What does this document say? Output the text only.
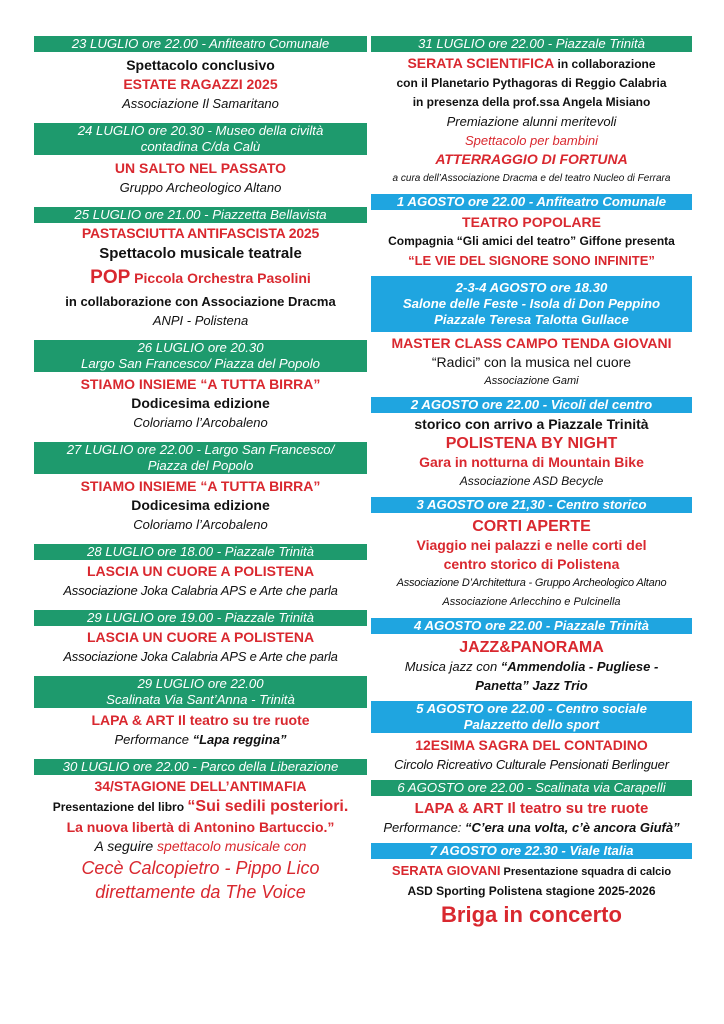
23 LUGLIO ore 22.00 - Anfiteatro Comunale
Spettacolo conclusivo
ESTATE RAGAZZI 2025
Associazione Il Samaritano
24 LUGLIO ore 20.30 - Museo della civiltà
contadina C/da Calù
UN SALTO NEL PASSATO
Gruppo Archeologico Altano
25 LUGLIO ore 21.00 - Piazzetta Bellavista
PASTASCIUTTA ANTIFASCISTA 2025
Spettacolo musicale teatrale
POP Piccola Orchestra Pasolini
in collaborazione con Associazione Dracma
ANPI - Polistena
26 LUGLIO ore 20.30
Largo San Francesco/ Piazza del Popolo
STIAMO INSIEME “A TUTTA BIRRA”
Dodicesima edizione
Coloriamo l’Arcobaleno
27 LUGLIO ore 22.00 - Largo San Francesco/
Piazza del Popolo
STIAMO INSIEME “A TUTTA BIRRA”
Dodicesima edizione
Coloriamo l’Arcobaleno
28 LUGLIO ore 18.00 - Piazzale Trinità
LASCIA UN CUORE A POLISTENA
Associazione Joka Calabria APS e Arte che parla
29 LUGLIO ore 19.00 - Piazzale Trinità
LASCIA UN CUORE A POLISTENA
Associazione Joka Calabria APS e Arte che parla
29 LUGLIO ore 22.00
Scalinata Via Sant’Anna - Trinità
LAPA & ART Il teatro su tre ruote
Performance “Lapa reggina”
30 LUGLIO ore 22.00 - Parco della Liberazione
34/STAGIONE DELL’ANTIMAFIA
Presentazione del libro “Sui sedili posteriori.
La nuova libertà di Antonino Bartuccio.”
A seguire spettacolo musicale con
Cecè Calcopietro - Pippo Lico
direttamente da The Voice
31 LUGLIO ore 22.00 - Piazzale Trinità
SERATA SCIENTIFICA in collaborazione
con il Planetario Pythagoras di Reggio Calabria
in presenza della prof.ssa Angela Misiano
Premiazione alunni meritevoli
Spettacolo per bambini
ATTERRAGGIO DI FORTUNA
a cura dell’Associazione Dracma e del teatro Nucleo di Ferrara
1 AGOSTO ore 22.00 - Anfiteatro Comunale
TEATRO POPOLARE
Compagnia “Gli amici del teatro” Giffone presenta
“LE VIE DEL SIGNORE SONO INFINITE”
2-3-4 AGOSTO ore 18.30
Salone delle Feste - Isola di Don Peppino
Piazzale Teresa Talotta Gullace
MASTER CLASS CAMPO TENDA GIOVANI
“Radici” con la musica nel cuore
Associazione Gami
2 AGOSTO ore 22.00 - Vicoli del centro
storico con arrivo a Piazzale Trinità
POLISTENA BY NIGHT
Gara in notturna di Mountain Bike
Associazione ASD Becycle
3 AGOSTO ore 21,30 - Centro storico
CORTI APERTE
Viaggio nei palazzi e nelle corti del
centro storico di Polistena
Associazione D’Architettura - Gruppo Archeologico Altano
Associazione Arlecchino e Pulcinella
4 AGOSTO ore 22.00 - Piazzale Trinità
JAZZ&PANORAMA
Musica jazz con “Ammendolia - Pugliese -
Panetta” Jazz Trio
5 AGOSTO ore 22.00 - Centro sociale
Palazzetto dello sport
12ESIMA SAGRA DEL CONTADINO
Circolo Ricreativo Culturale Pensionati Berlinguer
6 AGOSTO ore 22.00 - Scalinata via Carapelli
LAPA & ART Il teatro su tre ruote
Performance: “C’era una volta, c’è ancora Giufà”
7 AGOSTO ore 22.30 - Viale Italia
SERATA GIOVANI Presentazione squadra di calcio
ASD Sporting Polistena stagione 2025-2026
Briga in concerto
